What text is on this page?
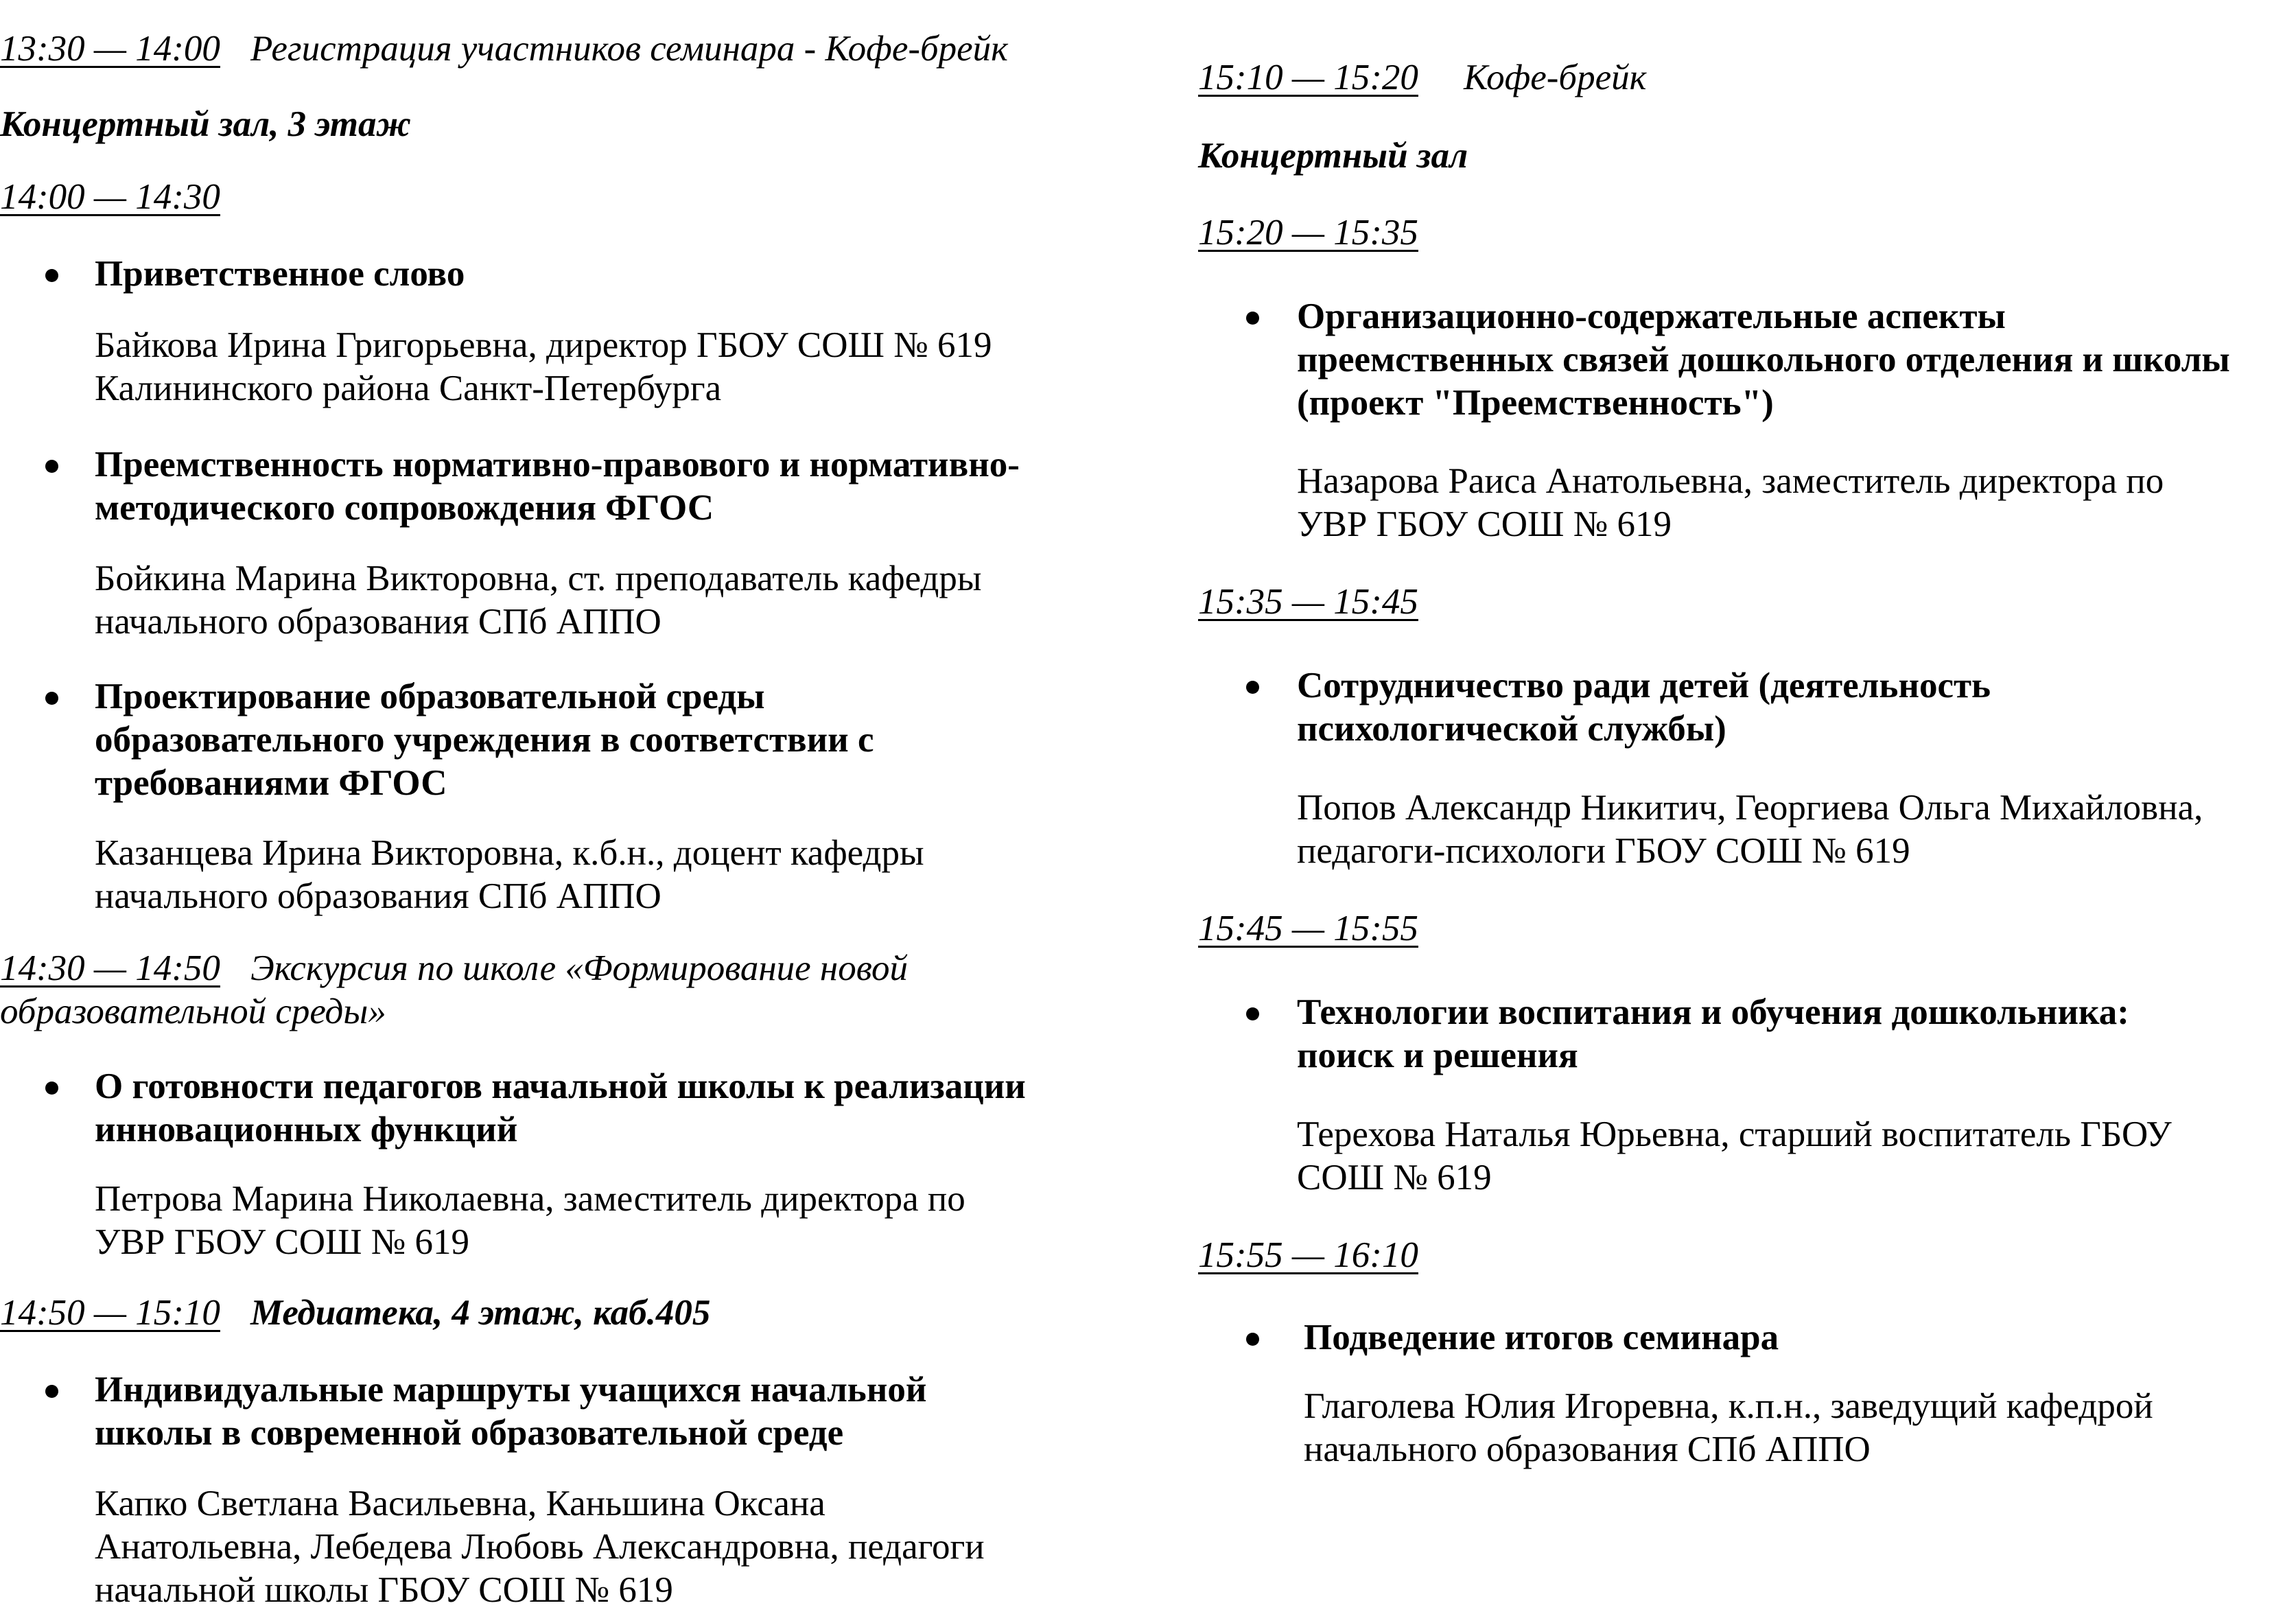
13:30 — 14:00 Регистрация участников семинара - Кофе-брейк

Концертный зал, 3 этаж

14:00 — 14:30

Приветственное слово

Байкова Ирина Григорьевна, директор ГБОУ СОШ № 619

Калининского района Санкт-Петербурга

Преемственность нормативно-правового и нормативно-

методического сопровождения ФГОС

Бойкина Марина Викторовна, ст. преподаватель кафедры

начального образования СПб АППО

Проектирование образовательной среды

образовательного учреждения в соответствии с

требованиями ФГОС

Казанцева Ирина Викторовна, к.б.н., доцент кафедры

начального образования СПб АППО

14:30 — 14:50 Экскурсия по школе «Формирование новой

образовательной среды»

О готовности педагогов начальной школы к реализации

инновационных функций

Петрова Марина Николаевна, заместитель директора по

УВР ГБОУ СОШ № 619

14:50 — 15:10 Медиатека, 4 этаж, каб.405

Индивидуальные маршруты учащихся начальной

школы в современной образовательной среде

Капко Светлана Васильевна, Каньшина Оксана

Анатольевна, Лебедева Любовь Александровна, педагоги

начальной школы ГБОУ СОШ № 619

15:10 — 15:20 Кофе-брейк

Концертный зал

15:20 — 15:35

Организационно-содержательные аспекты

преемственных связей дошкольного отделения и школы

(проект "Преемственность")

Назарова Раиса Анатольевна, заместитель директора по

УВР ГБОУ СОШ № 619

15:35 — 15:45

Сотрудничество ради детей (деятельность

психологической службы)

Попов Александр Никитич, Георгиева Ольга Михайловна,

педагоги-психологи ГБОУ СОШ № 619

15:45 — 15:55

Технологии воспитания и обучения дошкольника:

поиск и решения

Терехова Наталья Юрьевна, старший воспитатель ГБОУ

СОШ № 619

15:55 — 16:10

Подведение итогов семинара

Глаголева Юлия Игоревна, к.п.н., заведущий кафедрой

начального образования СПб АППО
